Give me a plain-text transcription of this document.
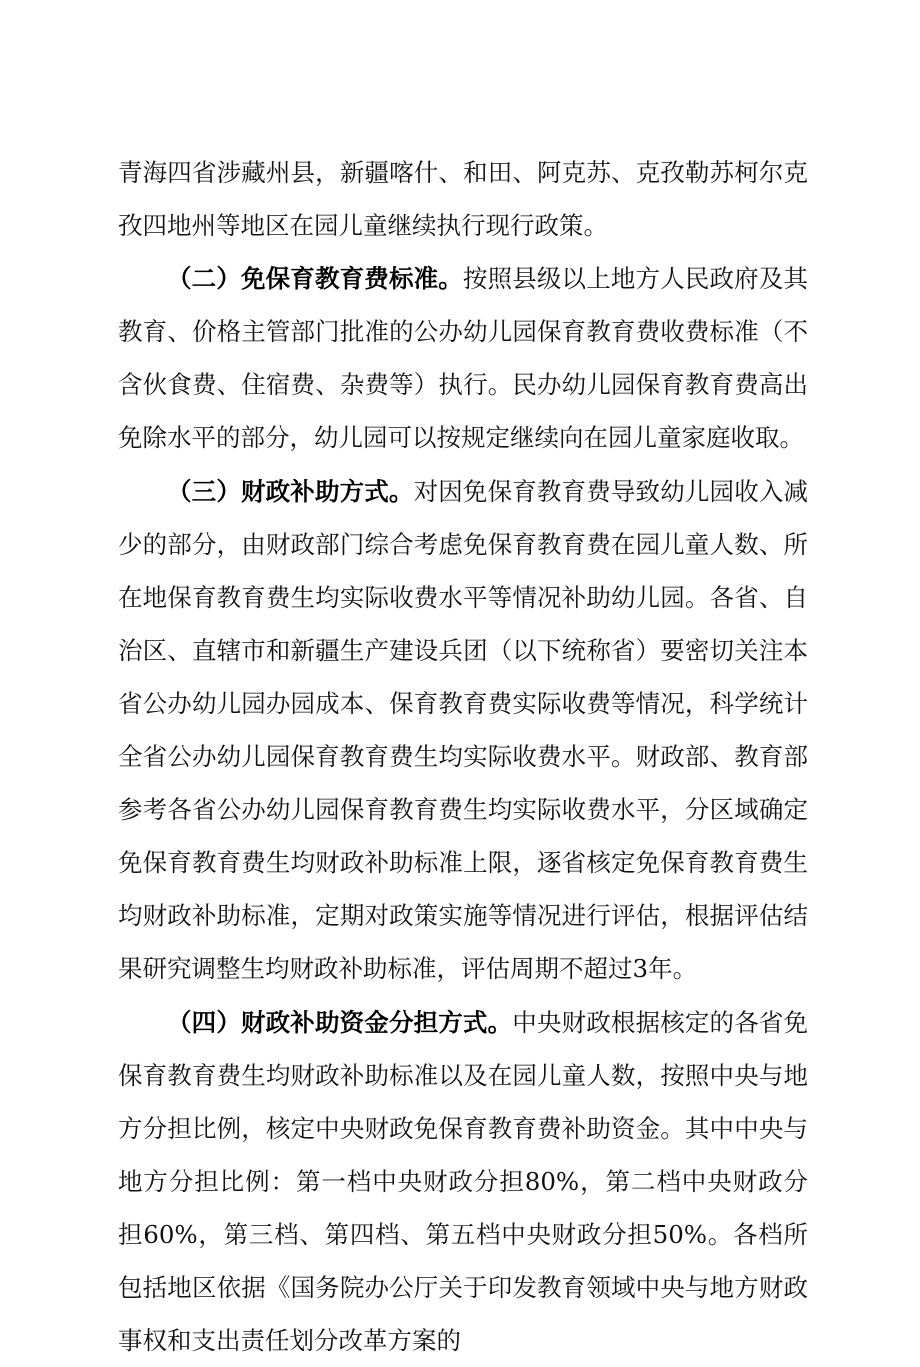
青海四省涉藏州县，新疆喀什、和田、阿克苏、克孜勒苏柯尔克孜四地州等地区在园儿童继续执行现行政策。

（二）免保育教育费标准。按照县级以上地方人民政府及其教育、价格主管部门批准的公办幼儿园保育教育费收费标准（不含伙食费、住宿费、杂费等）执行。民办幼儿园保育教育费高出免除水平的部分，幼儿园可以按规定继续向在园儿童家庭收取。

（三）财政补助方式。对因免保育教育费导致幼儿园收入减少的部分，由财政部门综合考虑免保育教育费在园儿童人数、所在地保育教育费生均实际收费水平等情况补助幼儿园。各省、自治区、直辖市和新疆生产建设兵团（以下统称省）要密切关注本省公办幼儿园办园成本、保育教育费实际收费等情况，科学统计全省公办幼儿园保育教育费生均实际收费水平。财政部、教育部参考各省公办幼儿园保育教育费生均实际收费水平，分区域确定免保育教育费生均财政补助标准上限，逐省核定免保育教育费生均财政补助标准，定期对政策实施等情况进行评估，根据评估结果研究调整生均财政补助标准，评估周期不超过3年。

（四）财政补助资金分担方式。中央财政根据核定的各省免保育教育费生均财政补助标准以及在园儿童人数，按照中央与地方分担比例，核定中央财政免保育教育费补助资金。其中中央与地方分担比例：第一档中央财政分担80%，第二档中央财政分担60%，第三档、第四档、第五档中央财政分担50%。各档所包括地区依据《国务院办公厅关于印发教育领域中央与地方财政事权和支出责任划分改革方案的
